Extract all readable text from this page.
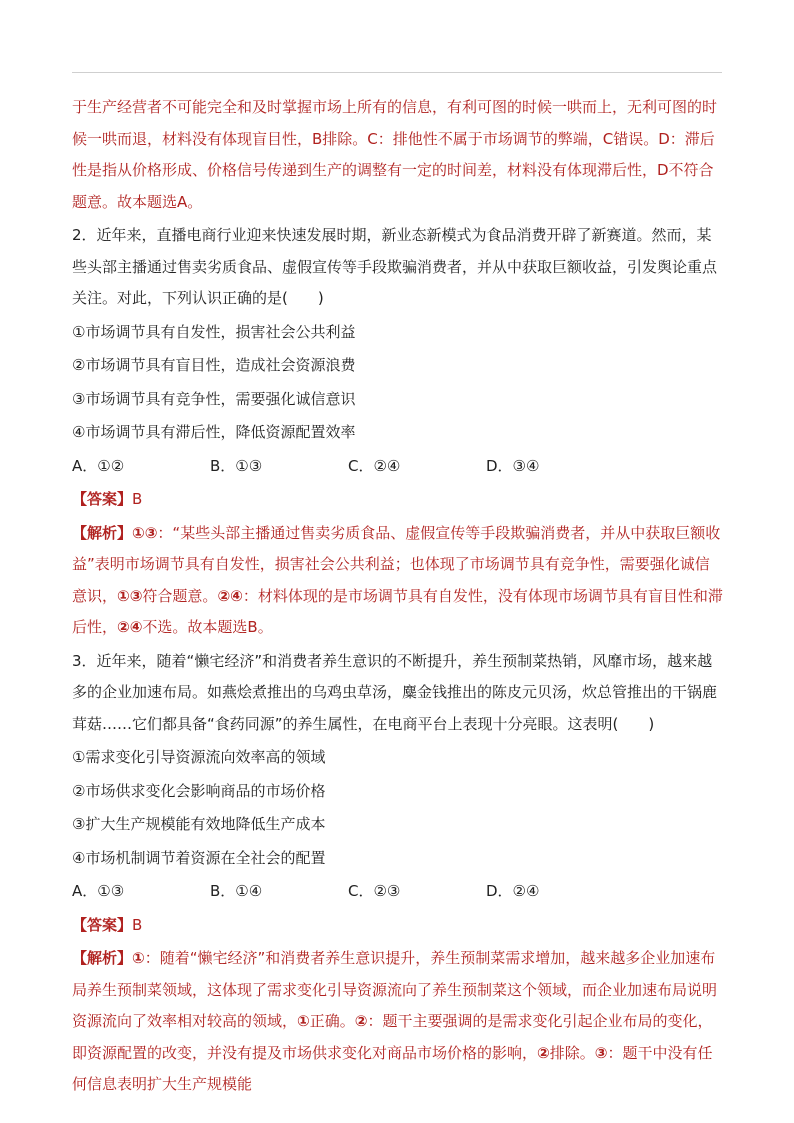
于生产经营者不可能完全和及时掌握市场上所有的信息，有利可图的时候一哄而上，无利可图的时候一哄而退，材料没有体现盲目性，B排除。C：排他性不属于市场调节的弊端，C错误。D：滞后性是指从价格形成、价格信号传递到生产的调整有一定的时间差，材料没有体现滞后性，D不符合题意。故本题选A。

2．近年来，直播电商行业迎来快速发展时期，新业态新模式为食品消费开辟了新赛道。然而，某些头部主播通过售卖劣质食品、虚假宣传等手段欺骗消费者，并从中获取巨额收益，引发舆论重点关注。对此，下列认识正确的是(　　)

①市场调节具有自发性，损害社会公共利益

②市场调节具有盲目性，造成社会资源浪费

③市场调节具有竞争性，需要强化诚信意识

④市场调节具有滞后性，降低资源配置效率

A．①②	B．①③	C．②④	D．③④

【答案】B

【解析】①③：“某些头部主播通过售卖劣质食品、虚假宣传等手段欺骗消费者，并从中获取巨额收益”表明市场调节具有自发性，损害社会公共利益；也体现了市场调节具有竞争性，需要强化诚信意识，①③符合题意。②④：材料体现的是市场调节具有自发性，没有体现市场调节具有盲目性和滞后性，②④不选。故本题选B。

3．近年来，随着“懒宅经济”和消费者养生意识的不断提升，养生预制菜热销，风靡市场，越来越多的企业加速布局。如燕烩煮推出的乌鸡虫草汤，麋金钱推出的陈皮元贝汤，炊总管推出的干锅鹿茸菇……它们都具备“食药同源”的养生属性，在电商平台上表现十分亮眼。这表明(　　)

①需求变化引导资源流向效率高的领域

②市场供求变化会影响商品的市场价格

③扩大生产规模能有效地降低生产成本

④市场机制调节着资源在全社会的配置

A．①③	B．①④	C．②③	D．②④

【答案】B

【解析】①：随着“懒宅经济”和消费者养生意识提升，养生预制菜需求增加，越来越多企业加速布局养生预制菜领域，这体现了需求变化引导资源流向了养生预制菜这个领域，而企业加速布局说明资源流向了效率相对较高的领域，①正确。②：题干主要强调的是需求变化引起企业布局的变化，即资源配置的改变，并没有提及市场供求变化对商品市场价格的影响，②排除。③：题干中没有任何信息表明扩大生产规模能
